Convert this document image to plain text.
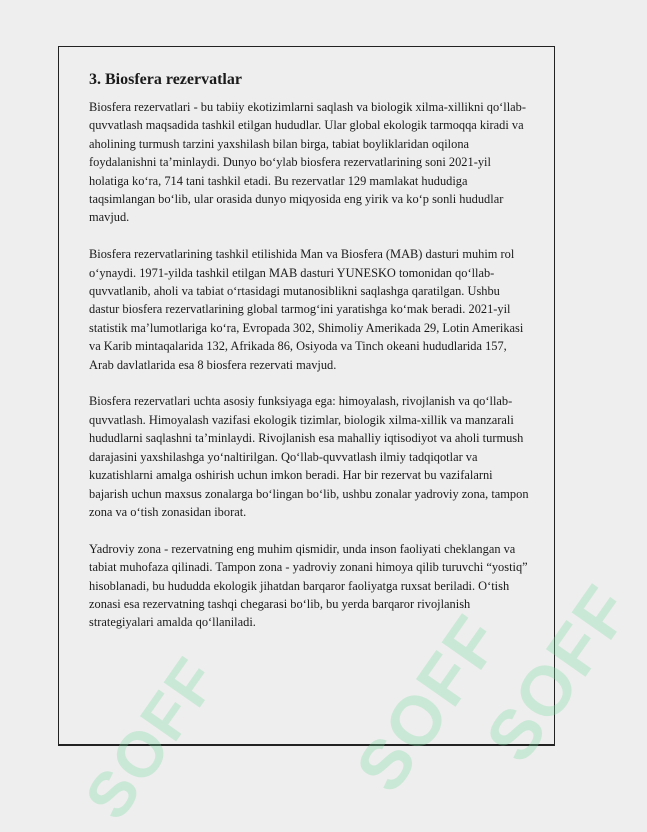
3. Biosfera rezervatlar

Biosfera rezervatlari - bu tabiiy ekotizimlarni saqlash va biologik xilma-xillikni qo‘llab-quvvatlash maqsadida tashkil etilgan hududlar. Ular global ekologik tarmoqqa kiradi va aholining turmush tarzini yaxshilash bilan birga, tabiat boyliklaridan oqilona foydalanishni ta’minlaydi. Dunyo bo‘ylab biosfera rezervatlarining soni 2021-yil holatiga ko‘ra, 714 tani tashkil etadi. Bu rezervatlar 129 mamlakat hududiga taqsimlangan bo‘lib, ular orasida dunyo miqyosida eng yirik va ko‘p sonli hududlar mavjud.

Biosfera rezervatlarining tashkil etilishida Man va Biosfera (MAB) dasturi muhim rol o‘ynaydi. 1971-yilda tashkil etilgan MAB dasturi YUNESKO tomonidan qo‘llab-quvvatlanib, aholi va tabiat o‘rtasidagi mutanosiblikni saqlashga qaratilgan. Ushbu dastur biosfera rezervatlarining global tarmog‘ini yaratishga ko‘mak beradi. 2021-yil statistik ma’lumotlariga ko‘ra, Evropada 302, Shimoliy Amerikada 29, Lotin Amerikasi va Karib mintaqalarida 132, Afrikada 86, Osiyoda va Tinch okeani hududlarida 157, Arab davlatlarida esa 8 biosfera rezervati mavjud.

Biosfera rezervatlari uchta asosiy funksiyaga ega: himoyalash, rivojlanish va qo‘llab-quvvatlash. Himoyalash vazifasi ekologik tizimlar, biologik xilma-xillik va manzarali hududlarni saqlashni ta’minlaydi. Rivojlanish esa mahalliy iqtisodiyot va aholi turmush darajasini yaxshilashga yo‘naltirilgan. Qo‘llab-quvvatlash ilmiy tadqiqotlar va kuzatishlarni amalga oshirish uchun imkon beradi. Har bir rezervat bu vazifalarni bajarish uchun maxsus zonalarga bo‘lingan bo‘lib, ushbu zonalar yadroviy zona, tampon zona va o‘tish zonasidan iborat.

Yadroviy zona - rezervatning eng muhim qismidir, unda inson faoliyati cheklangan va tabiat muhofaza qilinadi. Tampon zona - yadroviy zonani himoya qilib turuvchi “yostiq” hisoblanadi, bu hududda ekologik jihatdan barqaror faoliyatga ruxsat beriladi. O‘tish zonasi esa rezervatning tashqi chegarasi bo‘lib, bu yerda barqaror rivojlanish strategiyalari amalda qo‘llaniladi.	SOFF
SOFF
SOFF
